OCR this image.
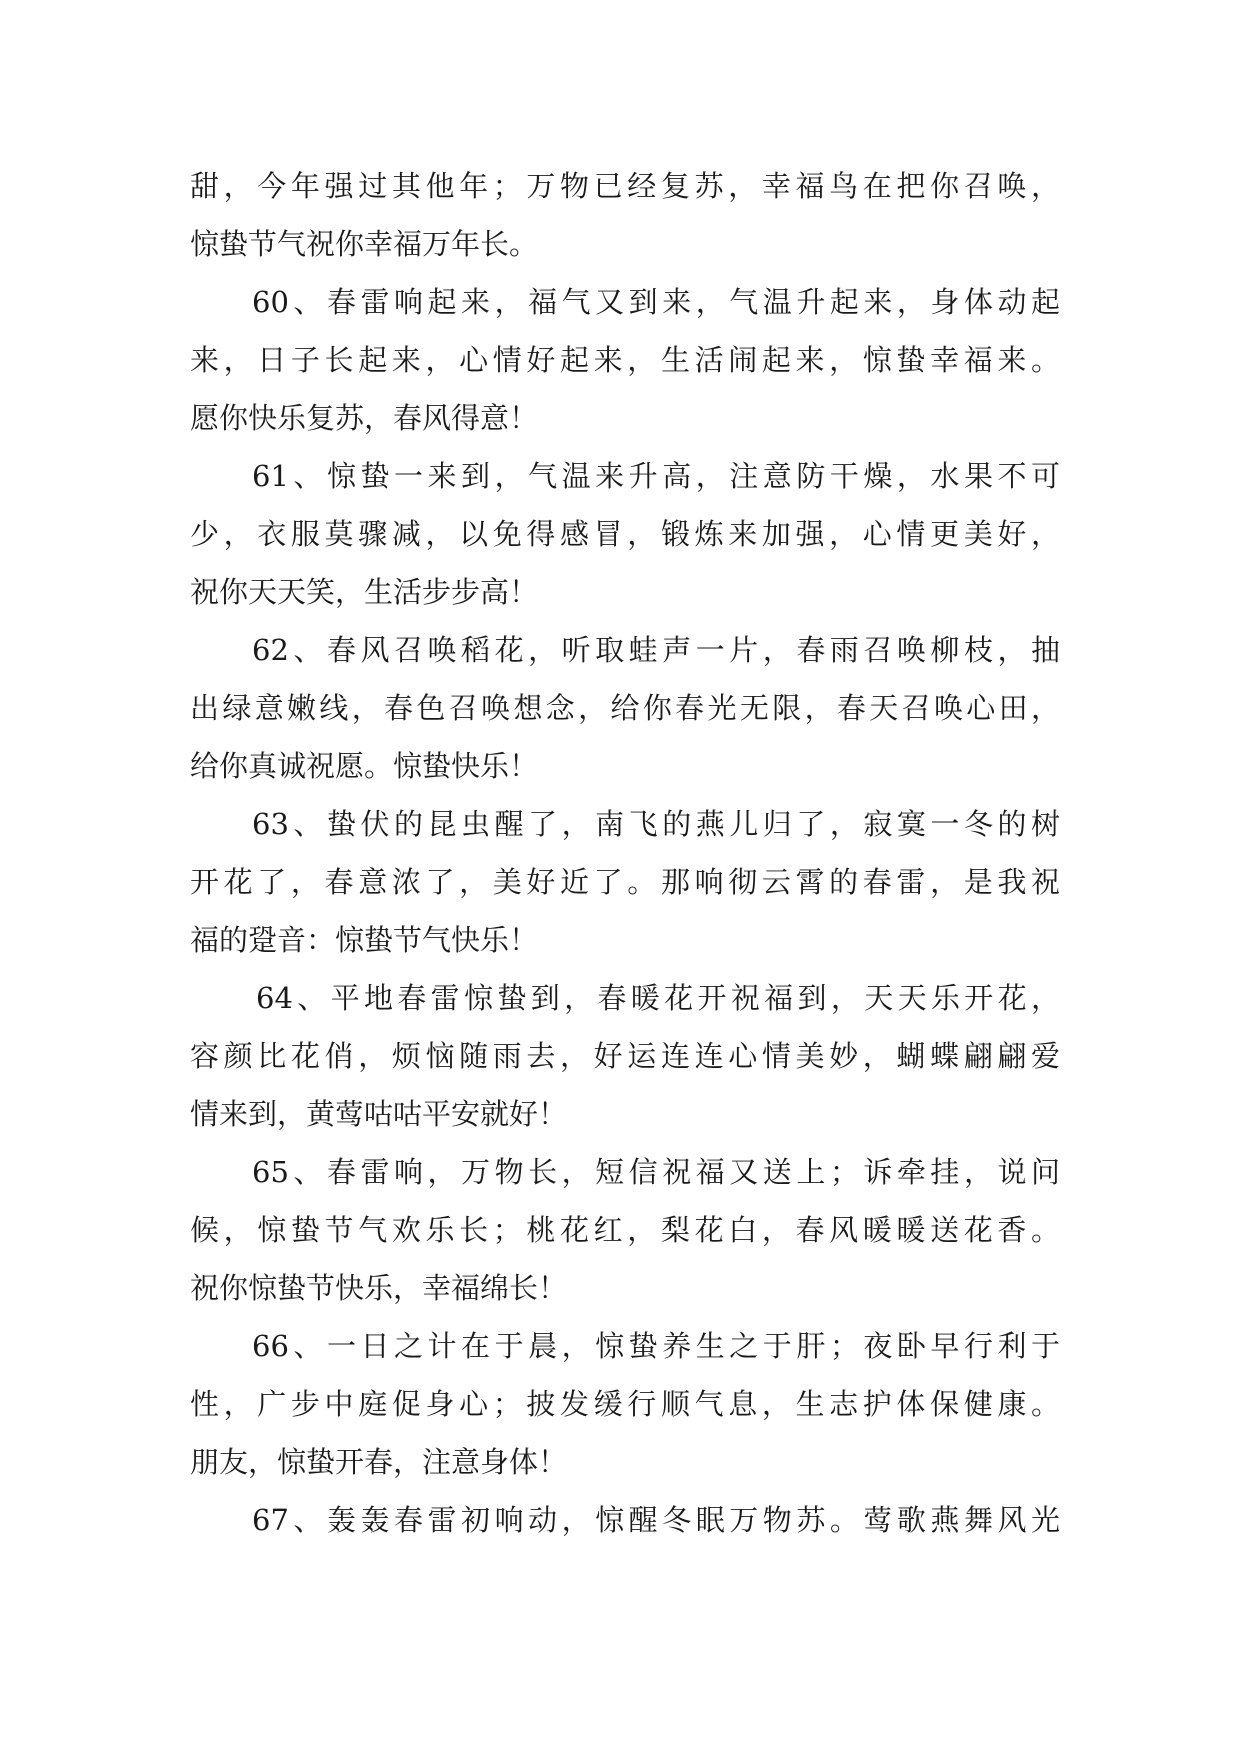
甜，今年强过其他年；万物已经复苏，幸福鸟在把你召唤，
惊蛰节气祝你幸福万年长。
60、春雷响起来，福气又到来，气温升起来，身体动起
来，日子长起来，心情好起来，生活闹起来，惊蛰幸福来。
愿你快乐复苏，春风得意！
61、惊蛰一来到，气温来升高，注意防干燥，水果不可
少，衣服莫骤减，以免得感冒，锻炼来加强，心情更美好，
祝你天天笑，生活步步高！
62、春风召唤稻花，听取蛙声一片，春雨召唤柳枝，抽
出绿意嫩线，春色召唤想念，给你春光无限，春天召唤心田，
给你真诚祝愿。惊蛰快乐！
63、蛰伏的昆虫醒了，南飞的燕儿归了，寂寞一冬的树
开花了，春意浓了，美好近了。那响彻云霄的春雷，是我祝
福的跫音：惊蛰节气快乐！
64、平地春雷惊蛰到，春暖花开祝福到，天天乐开花，
容颜比花俏，烦恼随雨去，好运连连心情美妙，蝴蝶翩翩爱
情来到，黄莺咕咕平安就好！
65、春雷响，万物长，短信祝福又送上；诉牵挂，说问
候，惊蛰节气欢乐长；桃花红，梨花白，春风暖暖送花香。
祝你惊蛰节快乐，幸福绵长！
66、一日之计在于晨，惊蛰养生之于肝；夜卧早行利于
性，广步中庭促身心；披发缓行顺气息，生志护体保健康。
朋友，惊蛰开春，注意身体！
67、轰轰春雷初响动，惊醒冬眠万物苏。莺歌燕舞风光
